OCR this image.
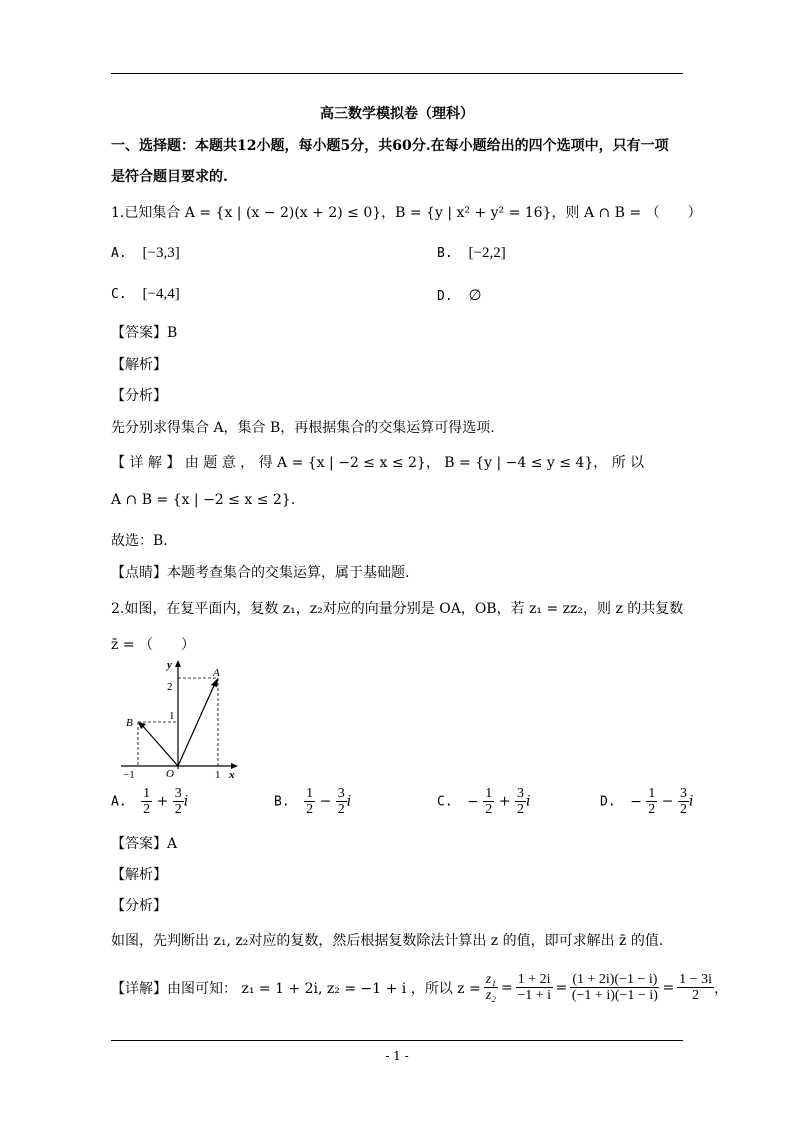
高三数学模拟卷（理科）
一、选择题：本题共12小题，每小题5分，共60分.在每小题给出的四个选项中，只有一项
是符合题目要求的.
1.已知集合 A = {x | (x − 2)(x + 2) ≤ 0}，B = {y | x² + y² = 16}，则 A ∩ B = （　　）
A. [−3,3]	B. [−2,2]
C. [−4,4]	D. ∅
【答案】B
【解析】
【分析】
先分别求得集合 A，集合 B，再根据集合的交集运算可得选项.
【 详 解 】 由 题 意 ， 得 A = {x | −2 ≤ x ≤ 2}， B = {y | −4 ≤ y ≤ 4}， 所 以
A ∩ B = {x | −2 ≤ x ≤ 2}.
故选：B.
【点睛】本题考查集合的交集运算，属于基础题.
2.如图，在复平面内，复数 z₁，z₂对应的向量分别是 OA，OB，若 z₁ = zz₂，则 z 的共复数
z̄ = （　　）
y
x
O
A
B
2
1
−1	1
A. $\frac{1}{2} + \frac{3}{2}$ i	B. $\frac{1}{2} - \frac{3}{2}$ i	C. − $\frac{1}{2} + \frac{3}{2}$ i	D. − $\frac{1}{2} - \frac{3}{2}$ i
【答案】A
【解析】
【分析】
如图，先判断出 z₁, z₂对应的复数，然后根据复数除法计算出 z 的值，即可求解出 z̄ 的值.
【详解】由图可知： z₁ = 1 + 2i, z₂ = −1 + i ，所以 $z = \frac{\text{z₁}}{\text{z₂}} = \frac{1 + 2i}{-1 + i} = \frac{(1 + 2i)(-1 - i)}{(-1 + i)(-1 - i)} = \frac{1 - 3i}{2}$ ，
- 1 -
